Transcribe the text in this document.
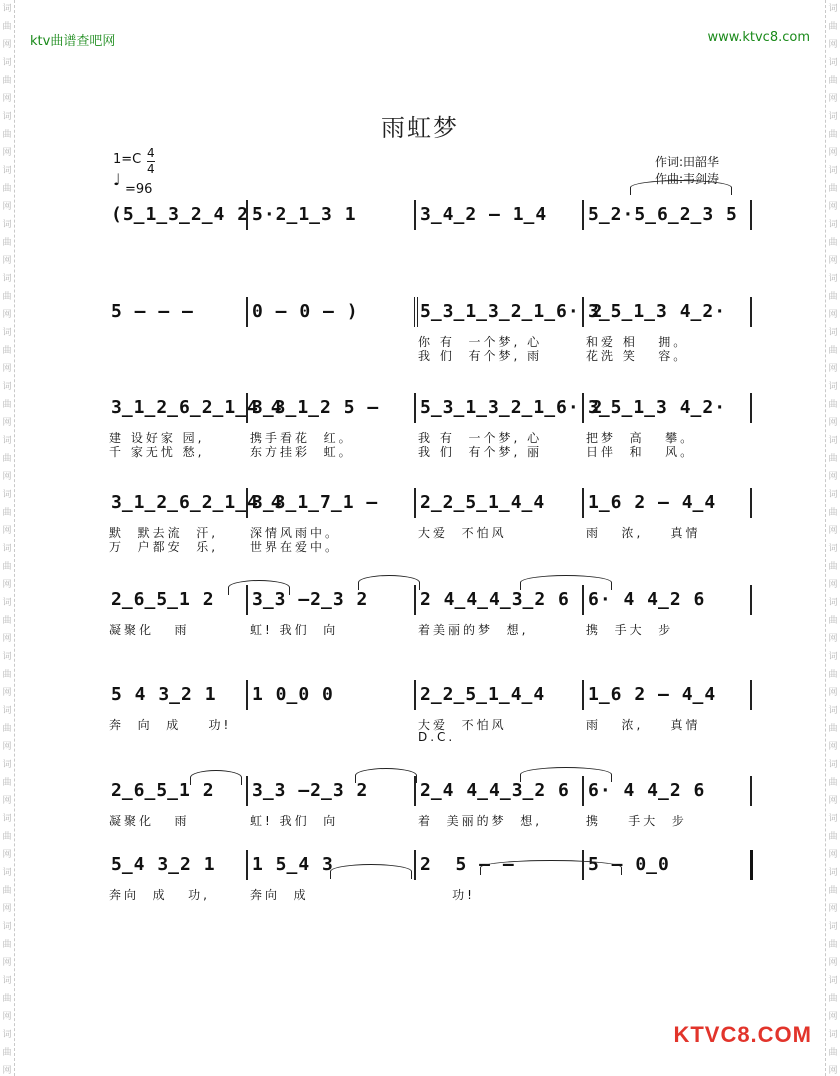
词
曲
网
词
曲
网
词
曲
网
词
曲
网
词
曲
网
词
曲
网
词
曲
网
词
曲
网
词
曲
网
词
曲
网
词
曲
网
词
曲
网
词
曲
网
词
曲
网
词
曲
网
词
曲
网
词
曲
网
词
曲
网
词
曲
网
词
曲
网
词
曲
网
词
曲
网
词
曲
网
词
曲
网
词
曲
网
词
曲
网
词
曲
网
词
曲
网
词
曲
网
词
曲
网
词
曲
网
词
曲
网
词
曲
网
词
曲
网
词
曲
网
词
曲
网
词
曲
网
词
曲
网
词
曲
网
词
曲
网
ktv曲谱查吧网	www.ktvc8.com
雨虹梦
1=C 4
4
♩
=96
作词:田韶华
作曲:韦剑涛
(5̲1̲3̲2̲4 2 5·2̲1̲3 1	3̲4̲2 – 1̲4 5̲2·5̲6̲2̲3 5
5 – – –	0 – 0 – )	5̲3̲1̲3̲2̲1̲6· 2
你 有  一个梦, 心
我 们  有个梦, 雨
3̲5̲1̲3 4̲2·
和爱 相   拥。
花洗 笑   容。
3̲1̲2̲6̲2̲1̲4 4
建 设好家 园,
千 家无忧 愁,
3̲3̲1̲2 5 –
携手看花  红。
东方挂彩  虹。
5̲3̲1̲3̲2̲1̲6· 2
我 有  一个梦, 心
我 们  有个梦, 丽
3̲5̲1̲3 4̲2·
把梦  高   攀。
日伴  和   风。
3̲1̲2̲6̲2̲1̲4 4
默  默去流  汗,
万  户都安  乐,
3̲3̲1̲7̲1 –
深情风雨中。
世界在爱中。
2̲2̲5̲1̲4̲4
大爱  不怕风
1̲6 2 – 4̲4
雨   浓,    真情
2̲6̲5̲1 2
凝聚化   雨
3̲3 –2̲3 2
虹! 我们  向
2 4̲4̲4̲3̲2 6
着美丽的梦  想,
6· 4 4̲2 6
携  手大  步
5 4 3̲2 1
奔  向  成    功!
1 0̲0 0	2̲2̲5̲1̲4̲4
大爱  不怕风
D.C.
1̲6 2 – 4̲4
雨   浓,    真情
2̲6̲5̲1 2
凝聚化   雨
3̲3 –2̲3 2
虹! 我们  向
2̲4 4̲4̲3̲2 6
着  美丽的梦  想,
6· 4 4̲2 6
携    手大  步
5̲4 3̲2 1
奔向  成   功,
1 5̲4 3
奔向  成
2  5 – –
功!
5 – 0̲0
KTVC8.COM
